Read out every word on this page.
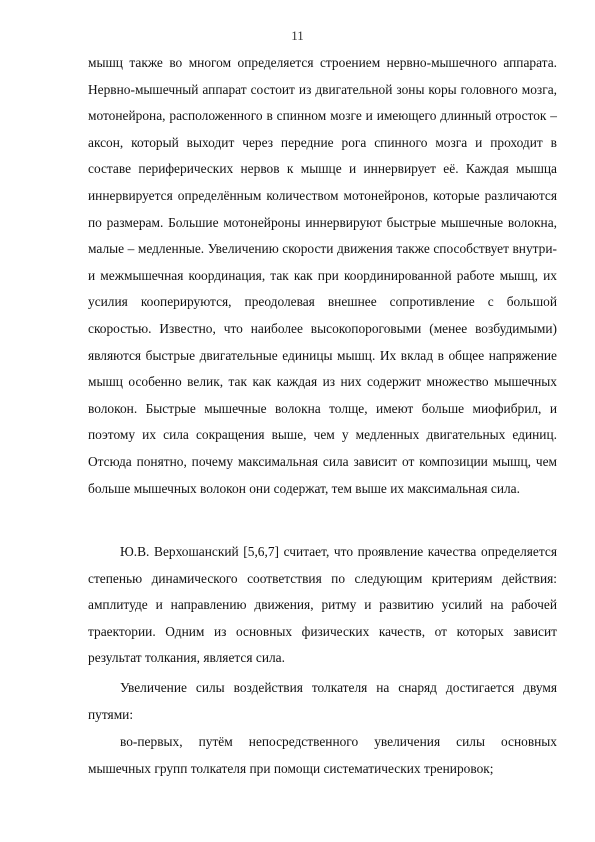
11

мышц также во многом определяется строением нервно-мышечного аппарата. Нервно-мышечный аппарат состоит из двигательной зоны коры головного мозга, мотонейрона, расположенного в спинном мозге и имеющего длинный отросток – аксон, который выходит через передние рога спинного мозга и проходит в составе периферических нервов к мышце и иннервирует её. Каждая мышца иннервируется определённым количеством мотонейронов, которые различаются по размерам. Большие мотонейроны иннервируют быстрые мышечные волокна, малые – медленные. Увеличению скорости движения также способствует внутри- и межмышечная координация, так как при координированной работе мышц, их усилия кооперируются, преодолевая внешнее сопротивление с большой скоростью. Известно, что наиболее высокопороговыми (менее возбудимыми) являются быстрые двигательные единицы мышц. Их вклад в общее напряжение мышц особенно велик, так как каждая из них содержит множество мышечных волокон. Быстрые мышечные волокна толще, имеют больше миофибрил, и поэтому их сила сокращения выше, чем у медленных двигательных единиц. Отсюда понятно, почему максимальная сила зависит от композиции мышц, чем больше мышечных волокон они содержат, тем выше их максимальная сила.

Ю.В. Верхошанский [5,6,7] считает, что проявление качества определяется степенью динамического соответствия по следующим критериям действия: амплитуде и направлению движения, ритму и развитию усилий на рабочей траектории. Одним из основных физических качеств, от которых зависит результат толкания, является сила.

Увеличение силы воздействия толкателя на снаряд достигается двумя путями:

во-первых, путём непосредственного увеличения силы основных мышечных групп толкателя при помощи систематических тренировок;
